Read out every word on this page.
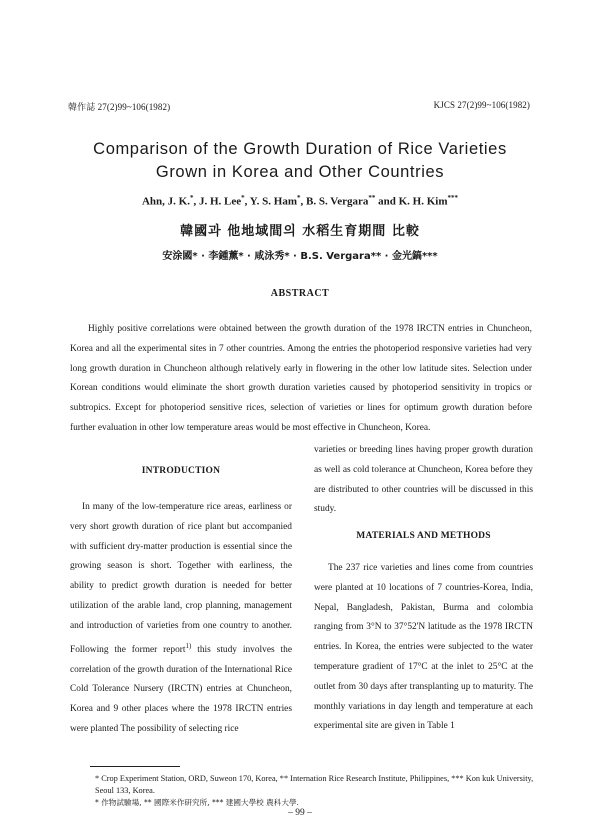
韓作誌 27(2)99~106(1982)	KJCS 27(2)99~106(1982)
Comparison of the Growth Duration of Rice Varieties
Grown in Korea and Other Countries
Ahn, J. K.*, J. H. Lee*, Y. S. Ham*, B. S. Vergara** and K. H. Kim***
韓國과 他地域間의 水稻生育期間 比較
安涂國* · 李鍾薰* · 咸泳秀* · B.S. Vergara** · 金光鎬***
ABSTRACT
Highly positive correlations were obtained between the growth duration of the 1978 IRCTN entries in Chuncheon, Korea and all the experimental sites in 7 other countries. Among the entries the photoperiod responsive varieties had very long growth duration in Chuncheon although relatively early in flowering in the other low latitude sites. Selection under Korean conditions would eliminate the short growth duration varieties caused by photoperiod sensitivity in tropics or subtropics. Except for photoperiod sensitive rices, selection of varieties or lines for optimum growth duration before further evaluation in other low temperature areas would be most effective in Chuncheon, Korea.
INTRODUCTION
In many of the low-temperature rice areas, earliness or very short growth duration of rice plant but accompanied with sufficient dry-matter production is essential since the growing season is short. Together with earliness, the ability to predict growth duration is needed for better utilization of the arable land, crop planning, management and introduction of varieties from one country to another. Following the former report$^{1)}$ this study involves the correlation of the growth duration of the International Rice Cold Tolerance Nursery (IRCTN) entries at Chuncheon, Korea and 9 other places where the 1978 IRCTN entries were planted The possibility of selecting rice
varieties or breeding lines having proper growth duration as well as cold tolerance at Chuncheon, Korea before they are distributed to other countries will be discussed in this study.
MATERIALS AND METHODS
The 237 rice varieties and lines come from countries were planted at 10 locations of 7 countries-Korea, India, Nepal, Bangladesh, Pakistan, Burma and colombia ranging from 3°N to 37°52'N latitude as the 1978 IRCTN entries. In Korea, the entries were subjected to the water temperature gradient of 17°C at the inlet to 25°C at the outlet from 30 days after transplanting up to maturity. The monthly variations in day length and temperature at each experimental site are given in Table 1
* Crop Experiment Station, ORD, Suweon 170, Korea, ** Internation Rice Research Institute, Philippines, *** Kon kuk University, Seoul 133, Korea.
* 作物試驗場, ** 國際米作研究所, *** 建國大學校 農科大學.
– 99 –
